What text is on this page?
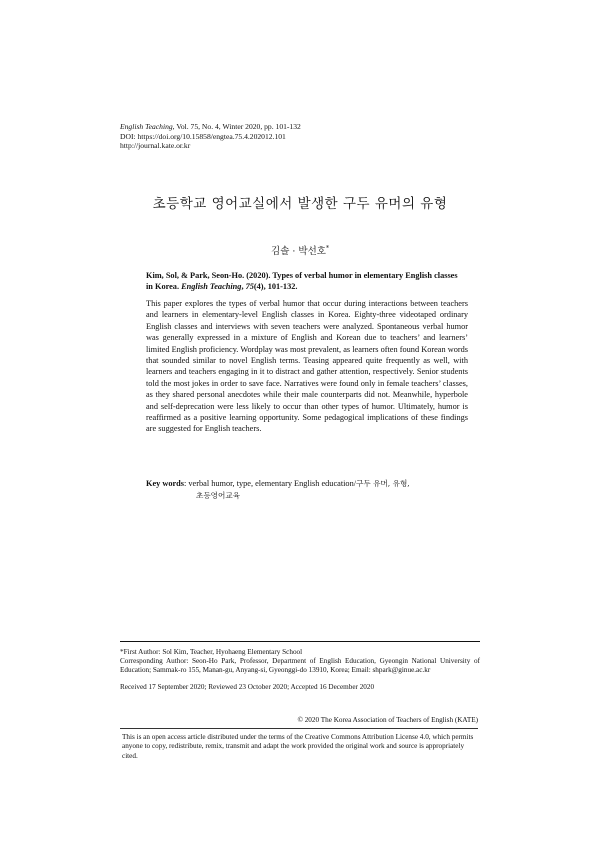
English Teaching, Vol. 75, No. 4, Winter 2020, pp. 101-132
DOI: https://doi.org/10.15858/engtea.75.4.202012.101
http://journal.kate.or.kr
초등학교 영어교실에서 발생한 구두 유머의 유형
김솔 · 박선호*
Kim, Sol, & Park, Seon-Ho. (2020). Types of verbal humor in elementary English classes in Korea. English Teaching, 75(4), 101-132.
This paper explores the types of verbal humor that occur during interactions between teachers and learners in elementary-level English classes in Korea. Eighty-three videotaped ordinary English classes and interviews with seven teachers were analyzed. Spontaneous verbal humor was generally expressed in a mixture of English and Korean due to teachers’ and learners’ limited English proficiency. Wordplay was most prevalent, as learners often found Korean words that sounded similar to novel English terms. Teasing appeared quite frequently as well, with learners and teachers engaging in it to distract and gather attention, respectively. Senior students told the most jokes in order to save face. Narratives were found only in female teachers’ classes, as they shared personal anecdotes while their male counterparts did not. Meanwhile, hyperbole and self-deprecation were less likely to occur than other types of humor. Ultimately, humor is reaffirmed as a positive learning opportunity. Some pedagogical implications of these findings are suggested for English teachers.
Key words: verbal humor, type, elementary English education/구두 유머, 유형,
초등영어교육

*First Author: Sol Kim, Teacher, Hyohaeng Elementary School

Corresponding Author: Seon-Ho Park, Professor, Department of English Education, Gyeongin National University of Education; Sammak-ro 155, Manan-gu, Anyang-si, Gyeonggi-do 13910, Korea; Email: shpark@ginue.ac.kr

Received 17 September 2020; Reviewed 23 October 2020; Accepted 16 December 2020

© 2020 The Korea Association of Teachers of English (KATE)
This is an open access article distributed under the terms of the Creative Commons Attribution License 4.0, which permits anyone to copy, redistribute, remix, transmit and adapt the work provided the original work and source is appropriately cited.
